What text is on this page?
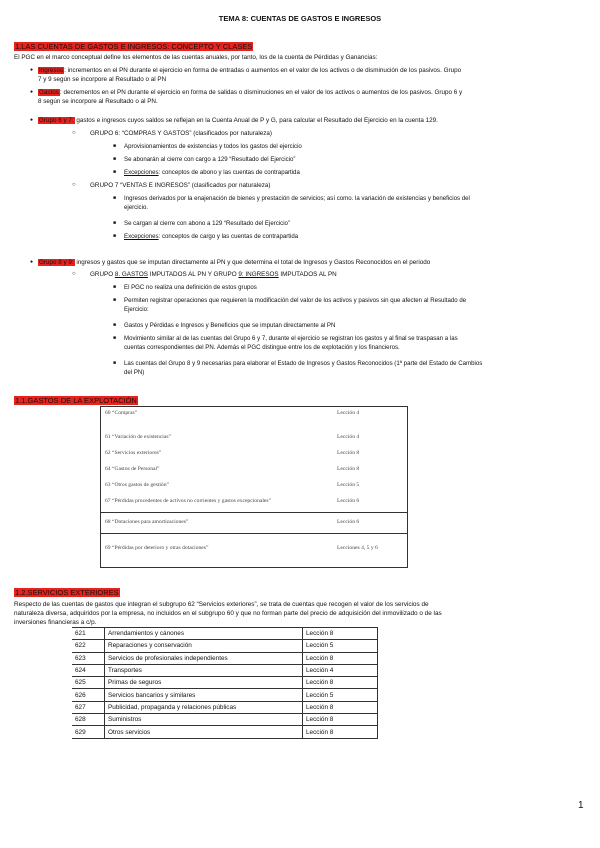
TEMA 8: CUENTAS DE GASTOS E INGRESOS
1.LAS CUENTAS DE GASTOS E INGRESOS: CONCEPTO Y CLASES
El PGC en el marco conceptual define los elementos de las cuentas anuales, por tanto, los de la cuenta de Pérdidas y Ganancias:
● Ingresos: incrementos en el PN durante el ejercicio en forma de entradas o aumentos en el valor de los activos o de disminución de los pasivos. Grupo
7 y 9 según se incorpore al Resultado o al PN
● Gastos: decrementos en el PN durante el ejercicio en forma de salidas o disminuciones en el valor de los activos o aumentos de los pasivos. Grupo 6 y
8 según se incorpore al Resultado o al PN.
● Grupo 6 y 7: gastos e ingresos cuyos saldos se reflejan en la Cuenta Anual de P y G, para calcular el Resultado del Ejercicio en la cuenta 129.
○ GRUPO 6: “COMPRAS Y GASTOS” (clasificados por naturaleza)
■ Aprovisionamientos de existencias y todos los gastos del ejercicio
■ Se abonarán al cierre con cargo a 129 “Resultado del Ejercicio”
■ Excepciones: conceptos de abono y las cuentas de contrapartida
○ GRUPO 7 “VENTAS E INGRESOS” (clasificados por naturaleza)
■ Ingresos derivados por la enajenación de bienes y prestación de servicios; así como. la variación de existencias y beneficios del
ejercicio.
■ Se cargan al cierre con abono a 129 “Resultado del Ejercicio”
■ Excepciones: conceptos de cargo y las cuentas de contrapartida
● Grupo 8 y 9: ingresos y gastos que se imputan directamente al PN y que determina el total de Ingresos y Gastos Reconocidos en el periodo
○ GRUPO 8. GASTOS IMPUTADOS AL PN Y GRUPO 9: INGRESOS IMPUTADOS AL PN
■ El PGC no realiza una definición de estos grupos
■ Permiten registrar operaciones que requieren la modificación del valor de los activos y pasivos sin que afecten al Resultado de
Ejercicio:
■ Gastos y Pérdidas e Ingresos y Beneficios que se imputan directamente al PN
■ Movimiento similar al de las cuentas del Grupo 6 y 7, durante el ejercicio se registran los gastos y al final se traspasan a las
cuentas correspondientes del PN. Además el PGC distingue entre los de explotación y los financieros.
■ Las cuentas del Grupo 8 y 9 necesarias para elaborar el Estado de Ingresos y Gastos Reconocidos (1ª parte del Estado de Cambios
del PN)
1.1.GASTOS DE LA EXPLOTACIÓN
60 “Compras”	Lección 4
61 “Variación de existencias”	Lección 4
62 “Servicios exteriores”	Lección 8
64 “Gastos de Personal”	Lección 8
63 “Otros gastos de gestión”	Lección 5
67 “Pérdidas procedentes de activos no corrientes y gastos excepcionales”	Lección 6
68 “Dotaciones para amortizaciones”	Lección 6
69 “Pérdidas por deterioro y otras dotaciones”	Lecciones 4, 5 y 6
1.2.SERVICIOS EXTERIORES
Respecto de las cuentas de gastos que integran el subgrupo 62 “Servicios exteriores”, se trata de cuentas que recogen el valor de los servicios de
naturaleza diversa, adquiridos por la empresa, no incluidos en el subgrupo 60 y que no forman parte del precio de adquisición del inmovilizado o de las
inversiones financieras a c/p.
621	Arrendamientos y cánones	Lección 8
622	Reparaciones y conservación	Lección 5
623	Servicios de profesionales independientes	Lección 8
624	Transportes	Lección 4
625	Primas de seguros	Lección 8
626	Servicios bancarios y similares	Lección 5
627	Publicidad, propaganda y relaciones públicas	Lección 8
628	Suministros	Lección 8
629	Otros servicios	Lección 8
1
